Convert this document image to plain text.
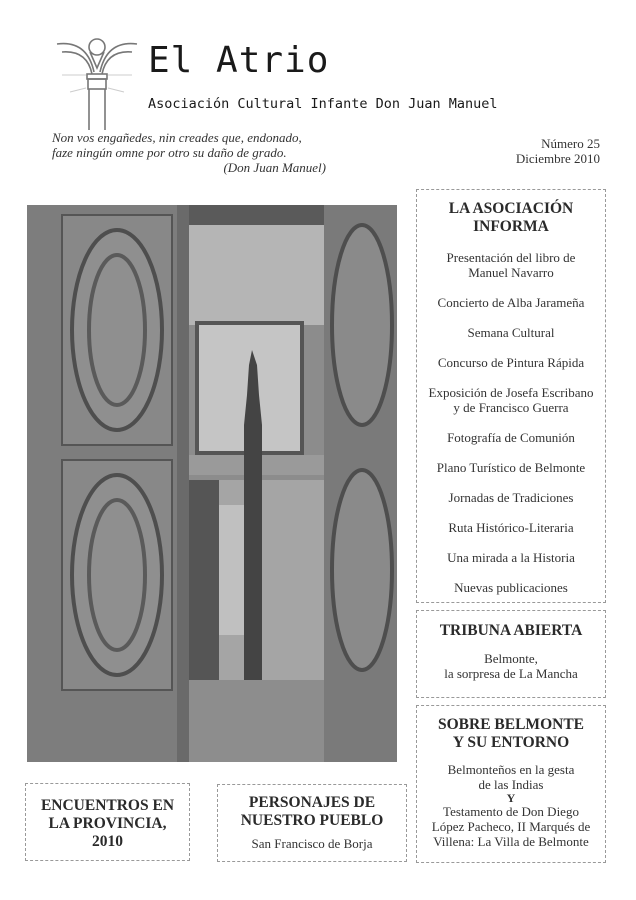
El Atrio
Asociación Cultural Infante Don Juan Manuel
Non vos engañedes, nin creades que, endonado,
faze ningún omne por otro su daño de grado.
(Don Juan Manuel)
Número 25
Diciembre 2010
LA ASOCIACIÓN
INFORMA
Presentación del libro de
Manuel Navarro
Concierto de Alba Jarameña
Semana Cultural
Concurso de Pintura Rápida
Exposición de Josefa Escribano
y de Francisco Guerra
Fotografía de Comunión
Plano Turístico de Belmonte
Jornadas de Tradiciones
Ruta Histórico-Literaria
Una mirada a la Historia
Nuevas publicaciones
TRIBUNA ABIERTA
Belmonte,
la sorpresa de La Mancha
SOBRE BELMONTE
Y SU ENTORNO
Belmonteños en la gesta
de las Indias
Y
Testamento de Don Diego
López Pacheco, II Marqués de
Villena: La Villa de Belmonte
ENCUENTROS EN
LA PROVINCIA,
2010
PERSONAJES DE
NUESTRO PUEBLO
San Francisco de Borja
